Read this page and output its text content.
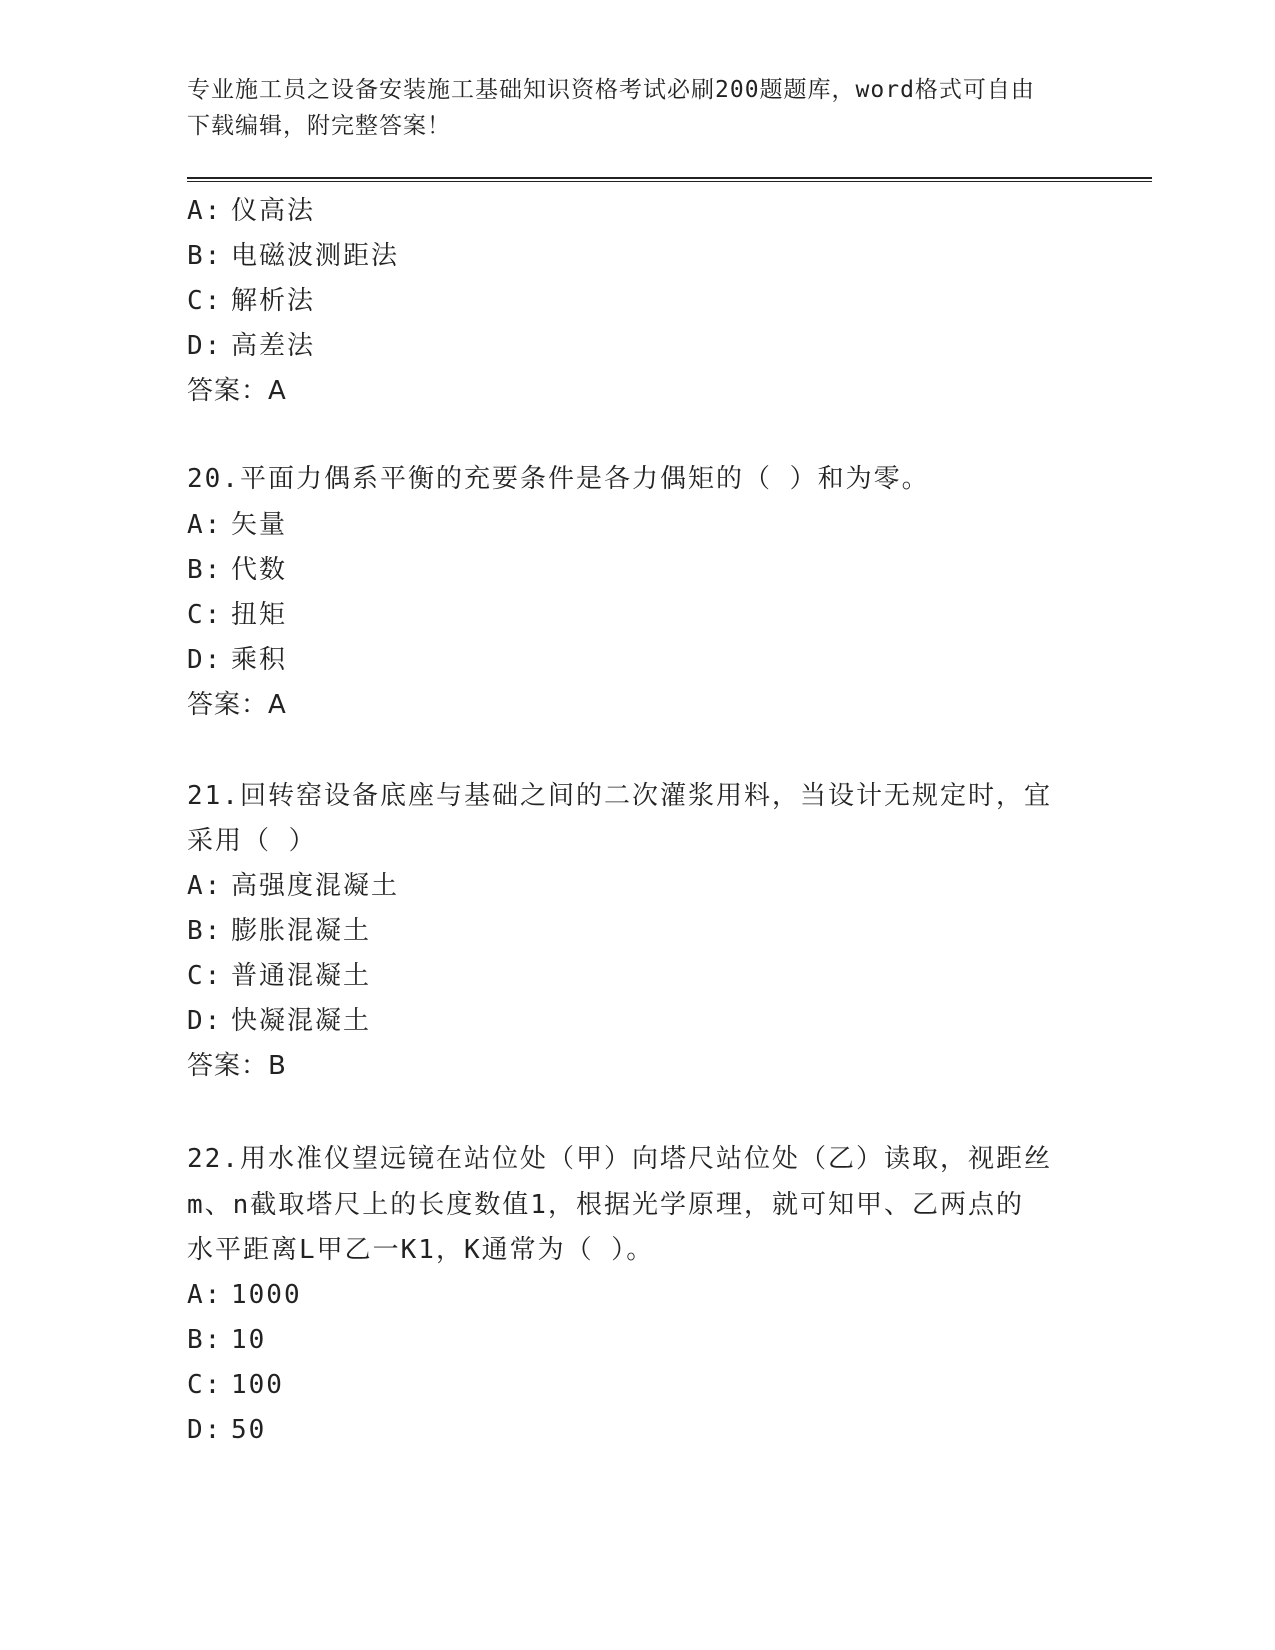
专业施工员之设备安装施工基础知识资格考试必刷200题题库，word格式可自由
下载编辑，附完整答案！
A: 仪高法
B: 电磁波测距法
C: 解析法
D: 高差法
答案：A
20.平面力偶系平衡的充要条件是各力偶矩的（ ）和为零。
A: 矢量
B: 代数
C: 扭矩
D: 乘积
答案：A
21.回转窑设备底座与基础之间的二次灌浆用料，当设计无规定时，宜
采用（ ）
A: 高强度混凝土
B: 膨胀混凝土
C: 普通混凝土
D: 快凝混凝土
答案：B
22.用水准仪望远镜在站位处（甲）向塔尺站位处（乙）读取，视距丝
m、n截取塔尺上的长度数值1，根据光学原理，就可知甲、乙两点的
水平距离L甲乙一K1，K通常为（ ）。
A: 1000
B: 10
C: 100
D: 50
